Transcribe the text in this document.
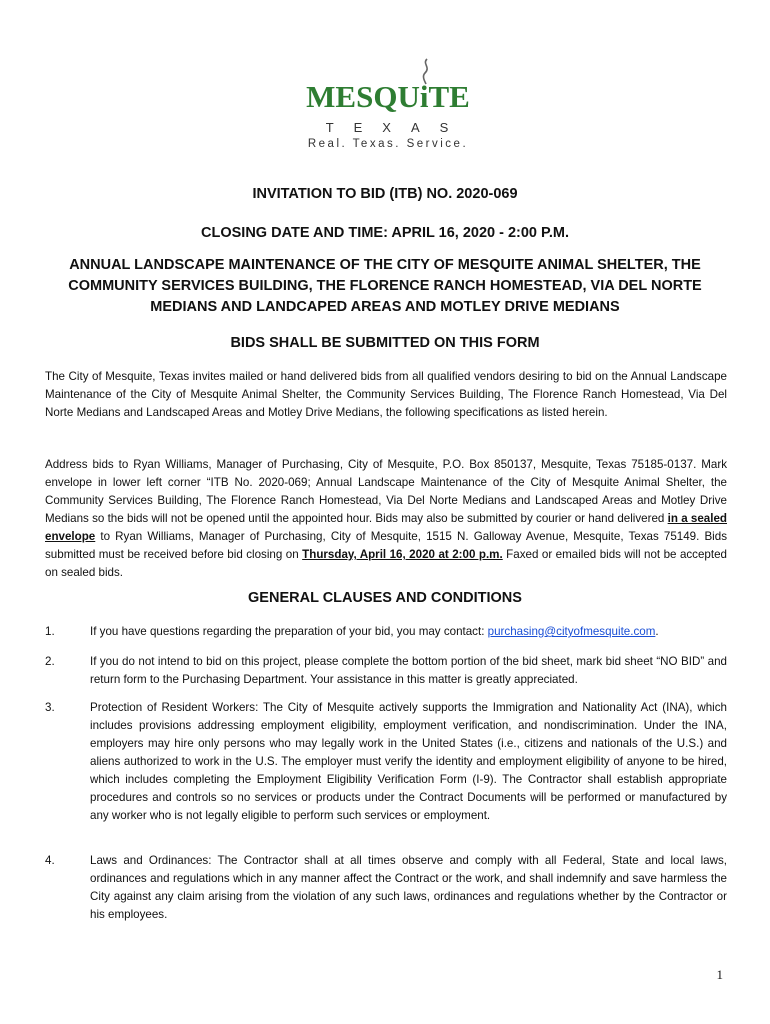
MESQUiTE
TEXAS
Real. Texas. Service.
INVITATION TO BID (ITB) NO. 2020-069
CLOSING DATE AND TIME: APRIL 16, 2020 - 2:00 P.M.
ANNUAL LANDSCAPE MAINTENANCE OF THE CITY OF MESQUITE ANIMAL SHELTER, THE COMMUNITY SERVICES BUILDING, THE FLORENCE RANCH HOMESTEAD, VIA DEL NORTE MEDIANS AND LANDCAPED AREAS AND MOTLEY DRIVE MEDIANS
BIDS SHALL BE SUBMITTED ON THIS FORM
The City of Mesquite, Texas invites mailed or hand delivered bids from all qualified vendors desiring to bid on the Annual Landscape Maintenance of the City of Mesquite Animal Shelter, the Community Services Building, The Florence Ranch Homestead, Via Del Norte Medians and Landscaped Areas and Motley Drive Medians, the following specifications as listed herein.
Address bids to Ryan Williams, Manager of Purchasing, City of Mesquite, P.O. Box 850137, Mesquite, Texas 75185-0137. Mark envelope in lower left corner “ITB No. 2020-069; Annual Landscape Maintenance of the City of Mesquite Animal Shelter, the Community Services Building, The Florence Ranch Homestead, Via Del Norte Medians and Landscaped Areas and Motley Drive Medians so the bids will not be opened until the appointed hour. Bids may also be submitted by courier or hand delivered in a sealed envelope to Ryan Williams, Manager of Purchasing, City of Mesquite, 1515 N. Galloway Avenue, Mesquite, Texas 75149. Bids submitted must be received before bid closing on Thursday, April 16, 2020 at 2:00 p.m. Faxed or emailed bids will not be accepted on sealed bids.
GENERAL CLAUSES AND CONDITIONS
1.	If you have questions regarding the preparation of your bid, you may contact: purchasing@cityofmesquite.com.
2.	If you do not intend to bid on this project, please complete the bottom portion of the bid sheet, mark bid sheet “NO BID” and return form to the Purchasing Department. Your assistance in this matter is greatly appreciated.
3.	Protection of Resident Workers: The City of Mesquite actively supports the Immigration and Nationality Act (INA), which includes provisions addressing employment eligibility, employment verification, and nondiscrimination. Under the INA, employers may hire only persons who may legally work in the United States (i.e., citizens and nationals of the U.S.) and aliens authorized to work in the U.S. The employer must verify the identity and employment eligibility of anyone to be hired, which includes completing the Employment Eligibility Verification Form (I-9). The Contractor shall establish appropriate procedures and controls so no services or products under the Contract Documents will be performed or manufactured by any worker who is not legally eligible to perform such services or employment.
4.	Laws and Ordinances: The Contractor shall at all times observe and comply with all Federal, State and local laws, ordinances and regulations which in any manner affect the Contract or the work, and shall indemnify and save harmless the City against any claim arising from the violation of any such laws, ordinances and regulations whether by the Contractor or his employees.
1
